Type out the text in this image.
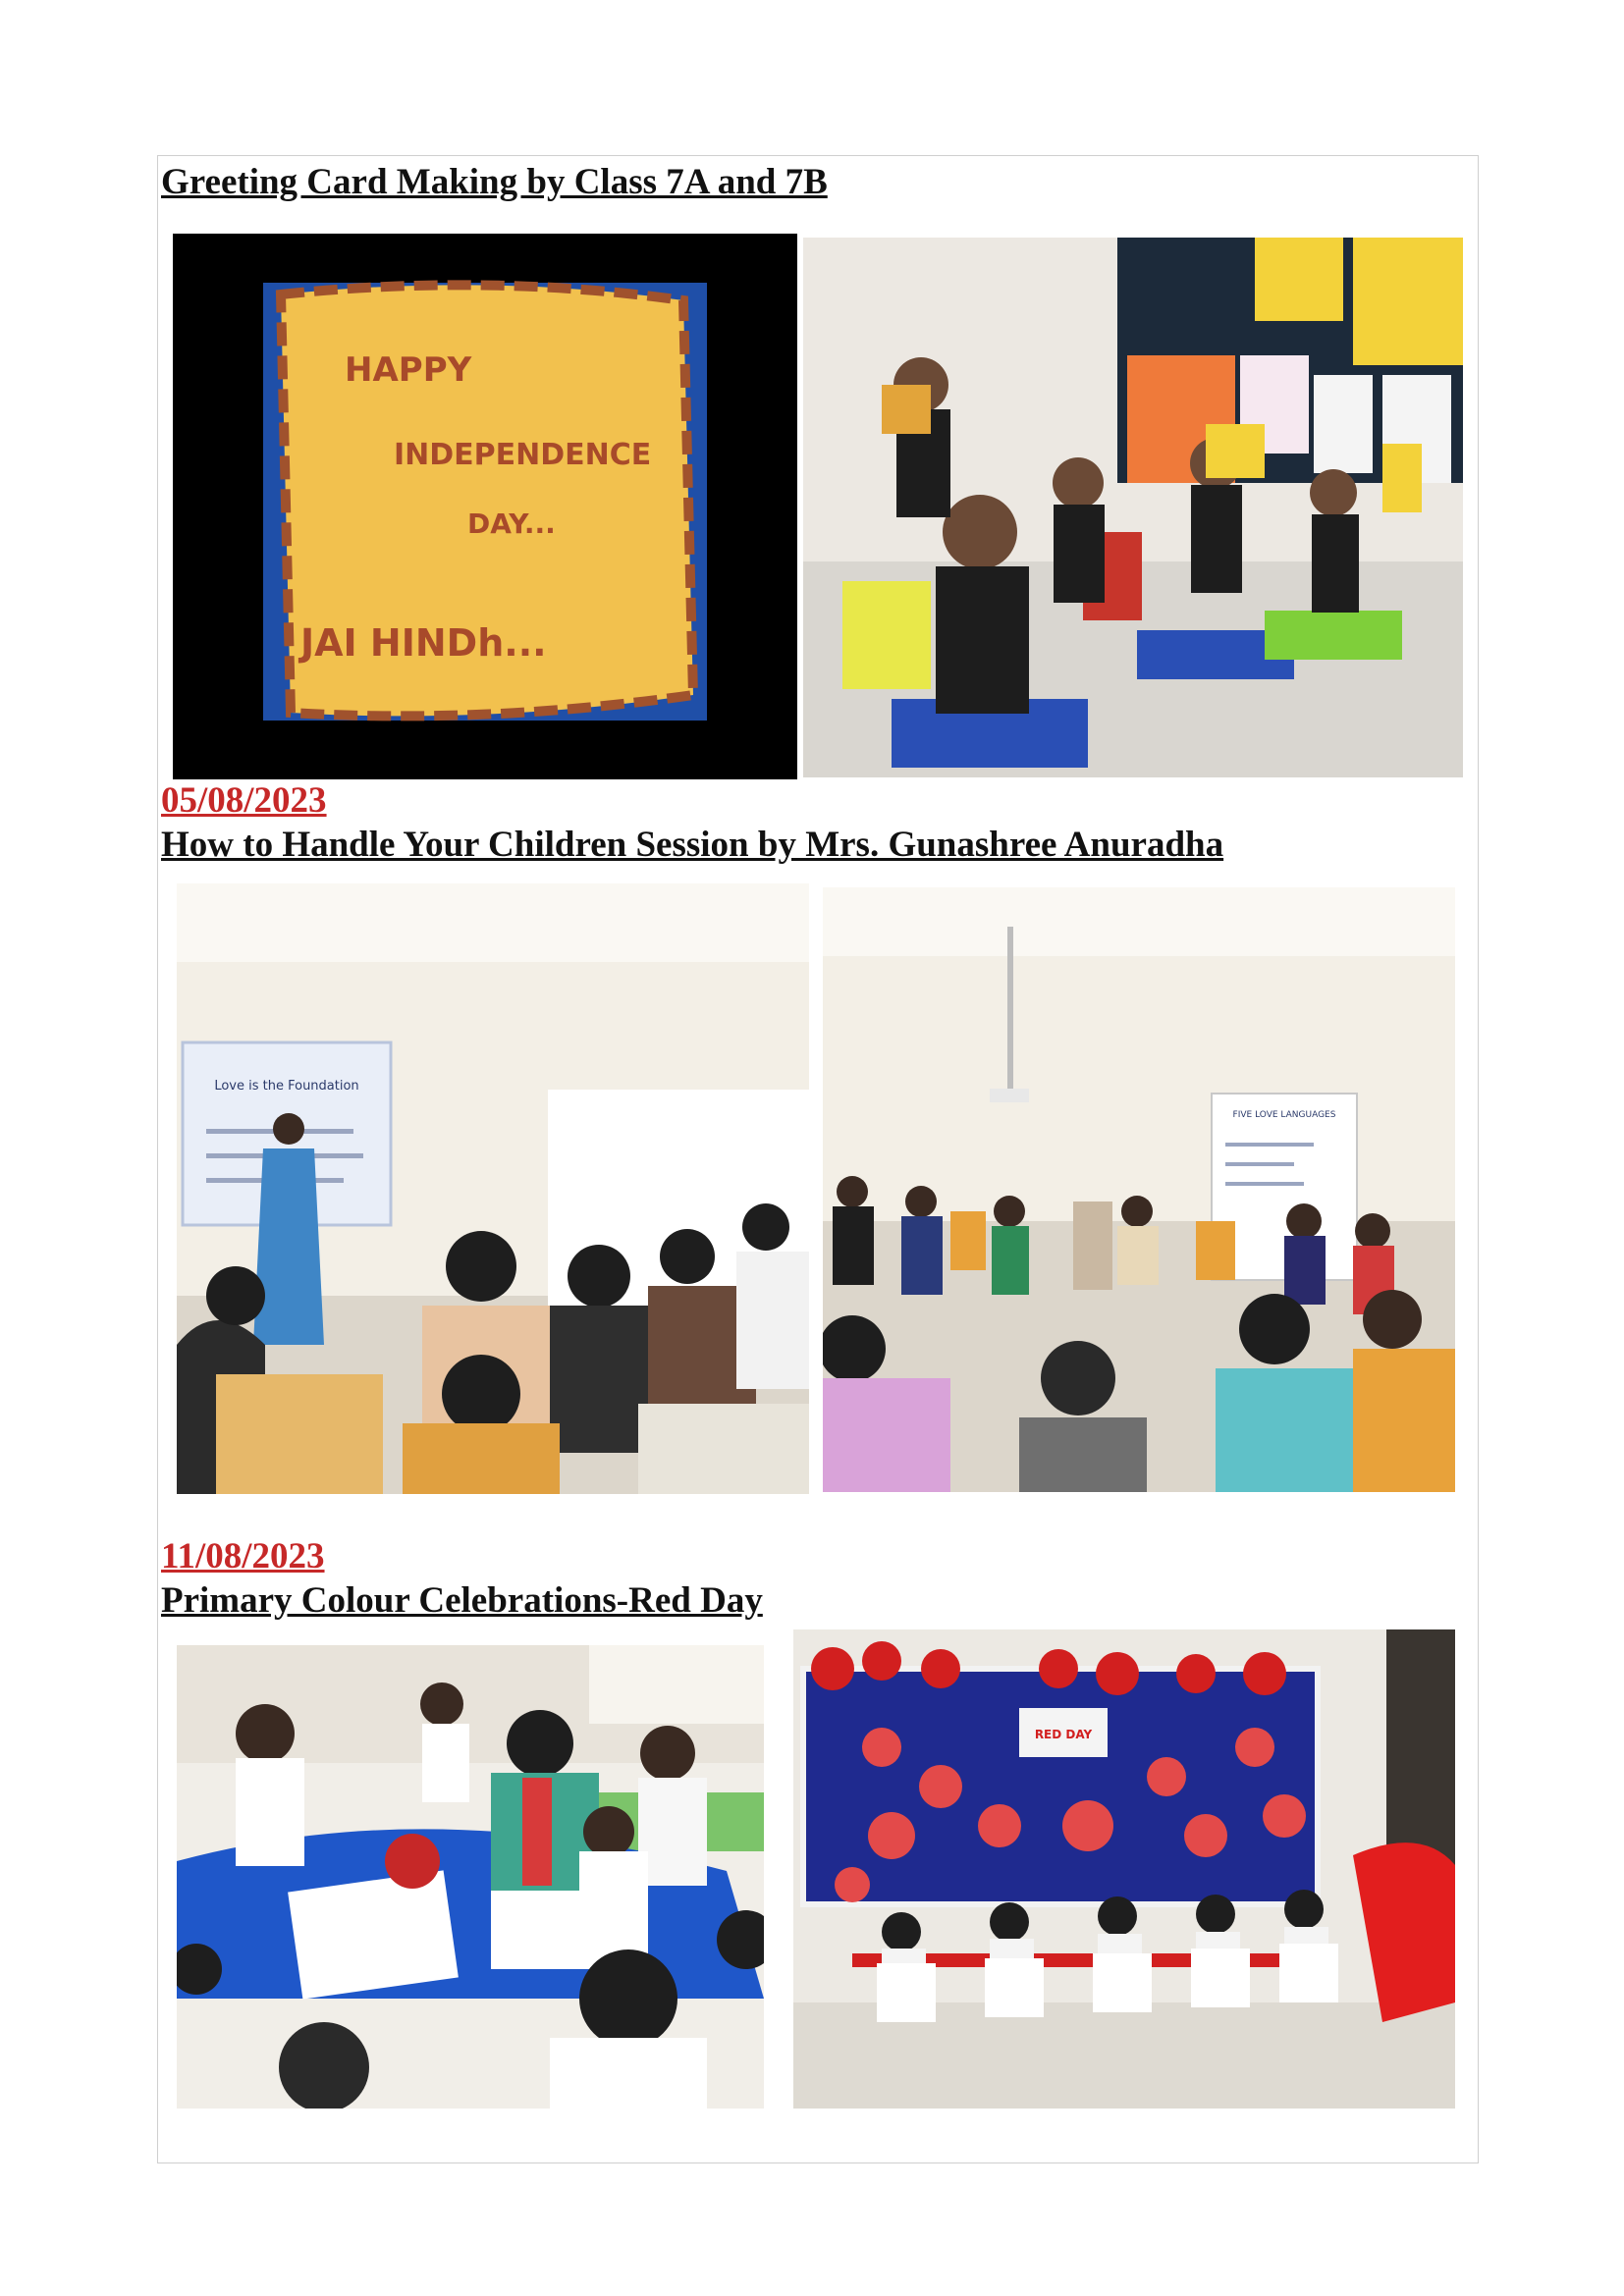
Greeting Card Making by Class 7A and 7B
HAPPY
INDEPENDENCE
DAY...
JAI HINDh...
05/08/2023
How to Handle Your Children Session by Mrs. Gunashree Anuradha
Love is the Foundation
FIVE LOVE LANGUAGES
11/08/2023
Primary Colour Celebrations-Red Day
RED DAY
